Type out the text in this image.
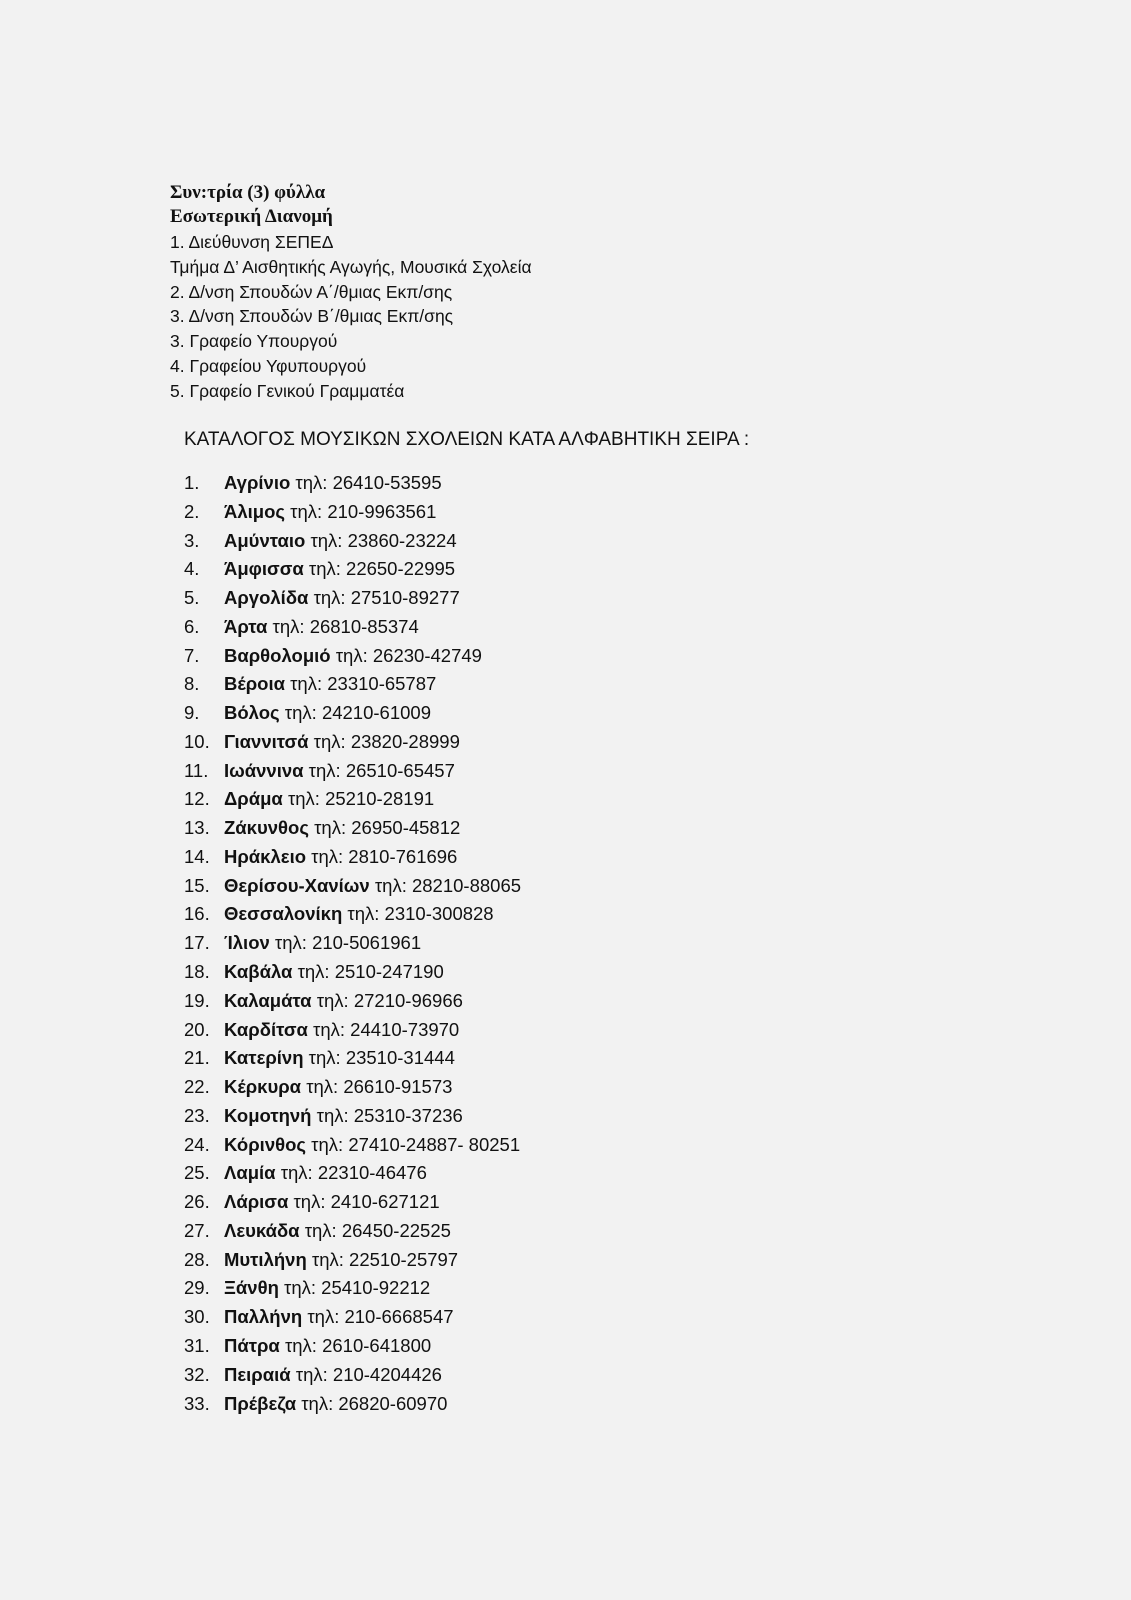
Συν:τρία (3) φύλλα
Εσωτερική Διανομή
1. Διεύθυνση ΣΕΠΕΔ
Τμήμα Δ’ Αισθητικής Αγωγής, Μουσικά Σχολεία
2. Δ/νση Σπουδών Α΄/θμιας Εκπ/σης
3. Δ/νση Σπουδών Β΄/θμιας Εκπ/σης
3. Γραφείο Υπουργού
4. Γραφείου Υφυπουργού
5. Γραφείο Γενικού Γραμματέα
ΚΑΤΑΛΟΓΟΣ ΜΟΥΣΙΚΩΝ ΣΧΟΛΕΙΩΝ ΚΑΤΑ ΑΛΦΑΒΗΤΙΚΗ ΣΕΙΡΑ :
1. Αγρίνιο τηλ: 26410-53595
2. Άλιμος τηλ: 210-9963561
3. Αμύνταιο τηλ: 23860-23224
4. Άμφισσα τηλ: 22650-22995
5. Αργολίδα τηλ: 27510-89277
6. Άρτα τηλ: 26810-85374
7. Βαρθολομιό τηλ: 26230-42749
8. Βέροια τηλ: 23310-65787
9. Βόλος τηλ: 24210-61009
10. Γιαννιτσά τηλ: 23820-28999
11. Ιωάννινα τηλ: 26510-65457
12. Δράμα τηλ: 25210-28191
13. Ζάκυνθος τηλ: 26950-45812
14. Ηράκλειο τηλ: 2810-761696
15. Θερίσου-Χανίων τηλ: 28210-88065
16. Θεσσαλονίκη τηλ: 2310-300828
17. Ίλιον τηλ: 210-5061961
18. Καβάλα τηλ: 2510-247190
19. Καλαμάτα τηλ: 27210-96966
20. Καρδίτσα τηλ: 24410-73970
21. Κατερίνη τηλ: 23510-31444
22. Κέρκυρα τηλ: 26610-91573
23. Κομοτηνή τηλ: 25310-37236
24. Κόρινθος τηλ: 27410-24887- 80251
25. Λαμία τηλ: 22310-46476
26. Λάρισα τηλ: 2410-627121
27. Λευκάδα τηλ: 26450-22525
28. Μυτιλήνη τηλ: 22510-25797
29. Ξάνθη τηλ: 25410-92212
30. Παλλήνη τηλ: 210-6668547
31. Πάτρα τηλ: 2610-641800
32. Πειραιά τηλ: 210-4204426
33. Πρέβεζα τηλ: 26820-60970
